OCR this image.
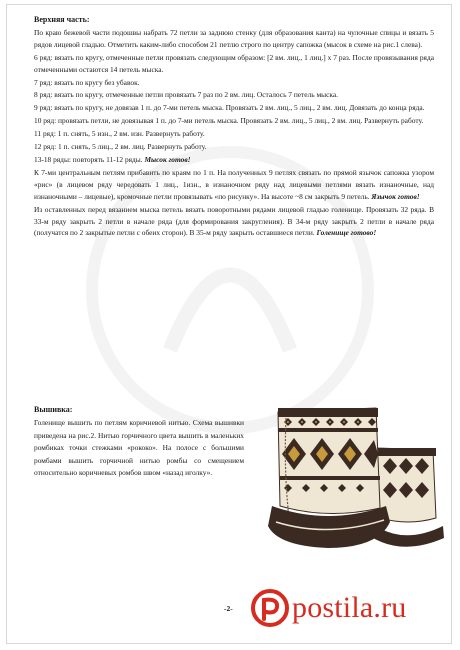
Верхняя часть:

По краю бежевой части подошвы набрать 72 петли за заднюю стенку (для образования канта) на чулочные спицы и вязать 5 рядов лицевой гладью. Отметить каким-либо способом 21 петлю строго по центру сапожка (мысок в схеме на рис.1 слева).

6 ряд: вязать по кругу, отмеченные петли провязать следующим образом: [2 вм. лиц., 1 лиц.] х 7 раз. После провязывания ряда отмеченными остаются 14 петель мыска.

7 ряд: вязать по кругу без убавок.

8 ряд: вязать по кругу, отмеченные петли провязать 7 раз по 2 вм. лиц. Осталось 7 петель мыска.

9 ряд: вязать по кругу, не довязав 1 п. до 7-ми петель мыска. Провязать 2 вм. лиц., 5 лиц., 2 вм. лиц. Довязать до конца ряда.

10 ряд: провязать петли, не довязывая 1 п. до 7-ми петель мыска. Провязать 2 вм. лиц., 5 лиц., 2 вм. лиц. Развернуть работу.

11 ряд: 1 п. снять, 5 изн., 2 вм. изн. Развернуть работу.

12 ряд: 1 п. снять, 5 лиц., 2 вм. лиц. Развернуть работу.

13-18 ряды: повторять 11-12 ряды. Мысок готов!

К 7-ми центральным петлям прибавить по краям по 1 п. На полученных 9 петлях связать по прямой язычок сапожка узором «рис» (в лицевом ряду чередовать 1 лиц., 1изн., в изнаночном ряду над лицевыми петлями вязать изнаночные, над изнаночными – лицевые), кромочные петли провязывать «по рисунку». На высоте ~8 см закрыть 9 петель. Язычок готов!

Из оставленных перед вязанием мыска петель вязать поворотными рядами лицевой гладью голенище. Провязать 32 ряда. В 33-м ряду закрыть 2 петли в начале ряда (для формирования закругления). В 34-м ряду закрыть 2 петли в начале ряда (получатся по 2 закрытые петли с обеих сторон). В 35-м ряду закрыть оставшиеся петли. Голенище готово!

Вышивка:

Голенище вышить по петлям коричневой нитью. Схема вышивки приведена на рис.2. Нитью горчичного цвета вышить в маленьких ромбиках точки стежками «рококо». На полосе с большими ромбами вышить горчичной нитью ромбы со смещением относительно коричневых ромбов швом «назад иголку».

-2- postila.ru
